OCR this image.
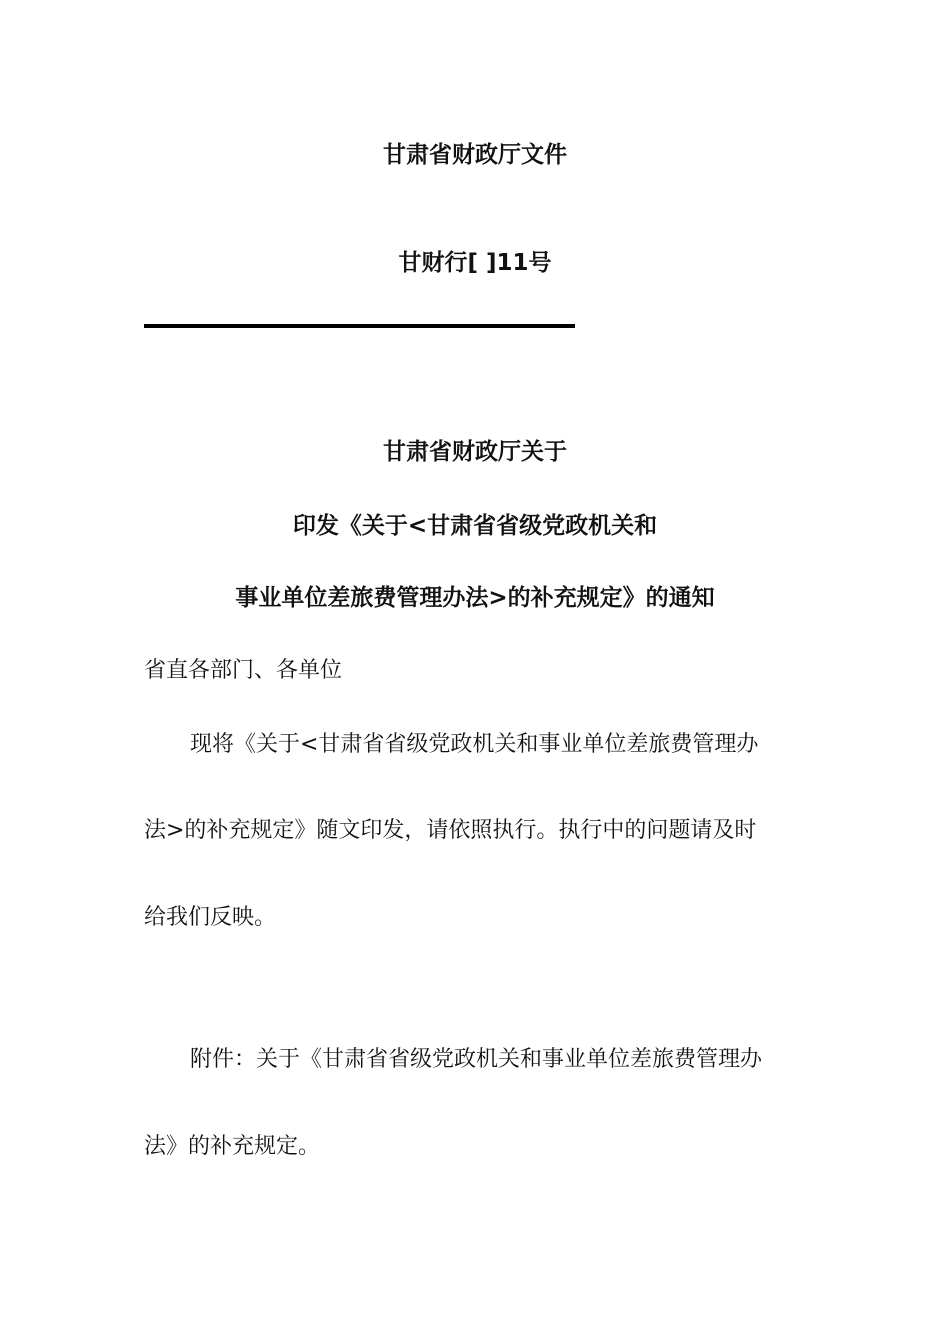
甘肃省财政厅文件
甘财行[ ]11号
甘肃省财政厅关于
印发《关于<甘肃省省级党政机关和
事业单位差旅费管理办法>的补充规定》的通知
省直各部门、各单位
现将《关于<甘肃省省级党政机关和事业单位差旅费管理办
法>的补充规定》随文印发，请依照执行。执行中的问题请及时
给我们反映。
附件：关于《甘肃省省级党政机关和事业单位差旅费管理办
法》的补充规定。
